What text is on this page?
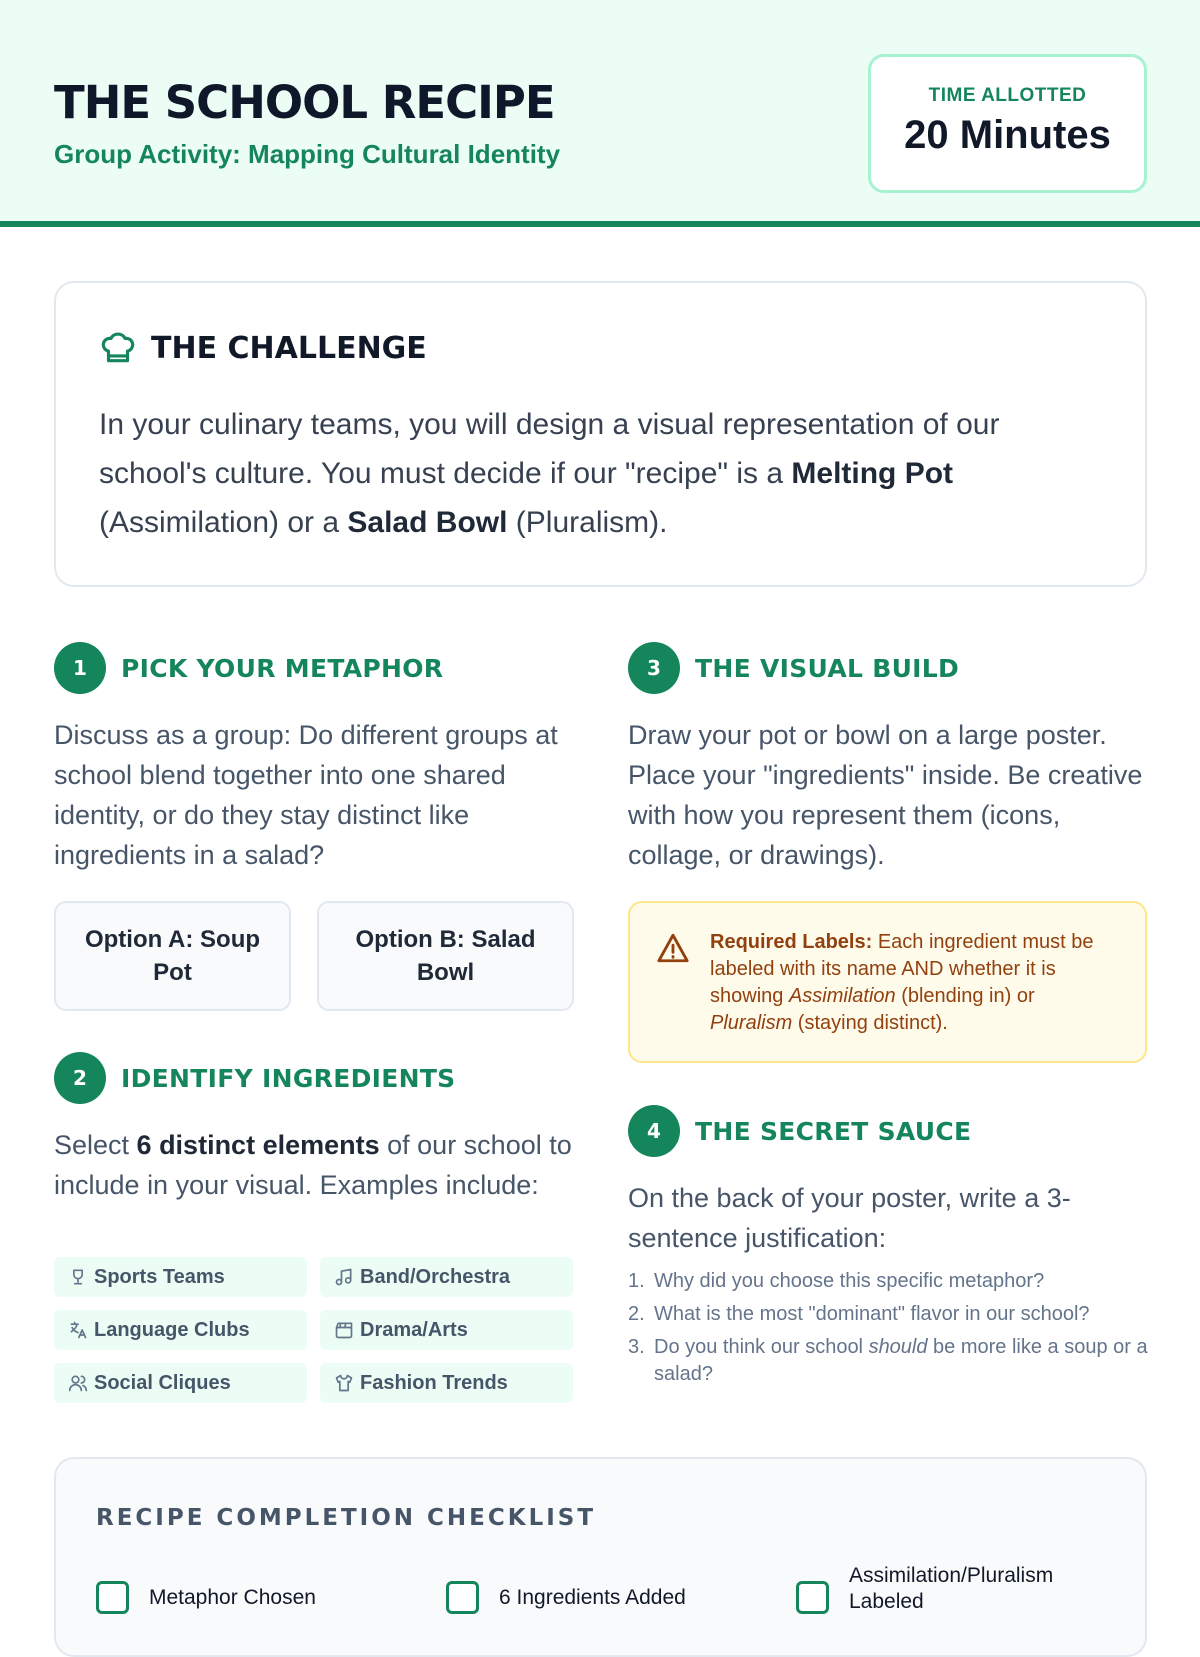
THE SCHOOL RECIPE
Group Activity: Mapping Cultural Identity
TIME ALLOTTED
20 Minutes
THE CHALLENGE

In your culinary teams, you will design a visual representation of our school's culture. You must decide if our "recipe" is a Melting Pot (Assimilation) or a Salad Bowl (Pluralism).

1	PICK YOUR METAPHOR

Discuss as a group: Do different groups at school blend together into one shared identity, or do they stay distinct like ingredients in a salad?

Option A: Soup Pot
Option B: Salad Bowl
2	IDENTIFY INGREDIENTS

Select 6 distinct elements of our school to include in your visual. Examples include:

Sports Teams	Band/Orchestra
Language Clubs	Drama/Arts
Social Cliques	Fashion Trends
3	THE VISUAL BUILD

Draw your pot or bowl on a large poster. Place your "ingredients" inside. Be creative with how you represent them (icons, collage, or drawings).

Required Labels: Each ingredient must be labeled with its name AND whether it is showing Assimilation (blending in) or Pluralism (staying distinct).

4	THE SECRET SAUCE

On the back of your poster, write a 3-sentence justification:

1. Why did you choose this specific metaphor?
2. What is the most "dominant" flavor in our school?
3. Do you think our school should be more like a soup or a salad?
RECIPE COMPLETION CHECKLIST
Metaphor Chosen	6 Ingredients Added
Assimilation/Pluralism Labeled
